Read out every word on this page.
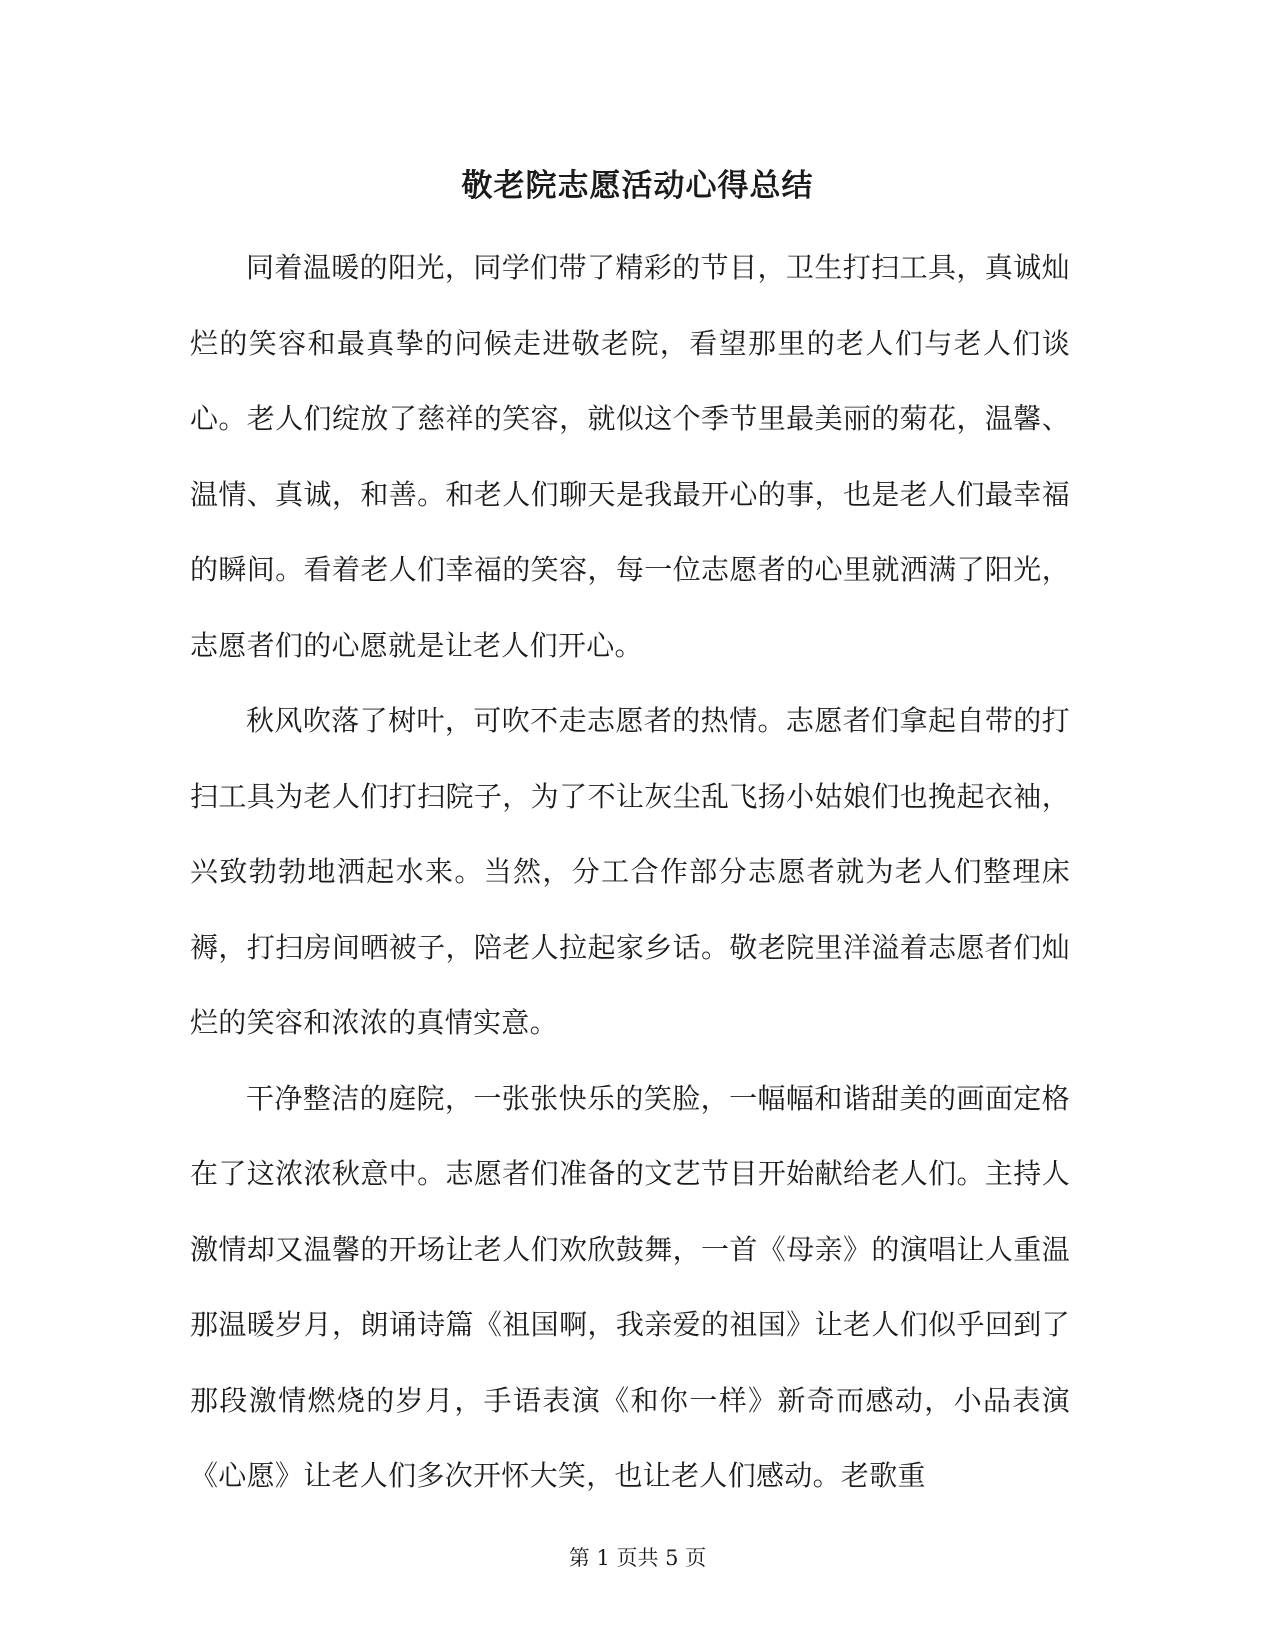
敬老院志愿活动心得总结

同着温暖的阳光，同学们带了精彩的节目，卫生打扫工具，真诚灿烂的笑容和最真挚的问候走进敬老院，看望那里的老人们与老人们谈心。老人们绽放了慈祥的笑容，就似这个季节里最美丽的菊花，温馨、温情、真诚，和善。和老人们聊天是我最开心的事，也是老人们最幸福的瞬间。看着老人们幸福的笑容，每一位志愿者的心里就洒满了阳光，志愿者们的心愿就是让老人们开心。

秋风吹落了树叶，可吹不走志愿者的热情。志愿者们拿起自带的打扫工具为老人们打扫院子，为了不让灰尘乱飞扬小姑娘们也挽起衣袖，兴致勃勃地洒起水来。当然，分工合作部分志愿者就为老人们整理床褥，打扫房间晒被子，陪老人拉起家乡话。敬老院里洋溢着志愿者们灿烂的笑容和浓浓的真情实意。

干净整洁的庭院，一张张快乐的笑脸，一幅幅和谐甜美的画面定格在了这浓浓秋意中。志愿者们准备的文艺节目开始献给老人们。主持人激情却又温馨的开场让老人们欢欣鼓舞，一首《母亲》的演唱让人重温那温暖岁月，朗诵诗篇《祖国啊，我亲爱的祖国》让老人们似乎回到了那段激情燃烧的岁月，手语表演《和你一样》新奇而感动，小品表演《心愿》让老人们多次开怀大笑，也让老人们感动。老歌重

第 1 页共 5 页
